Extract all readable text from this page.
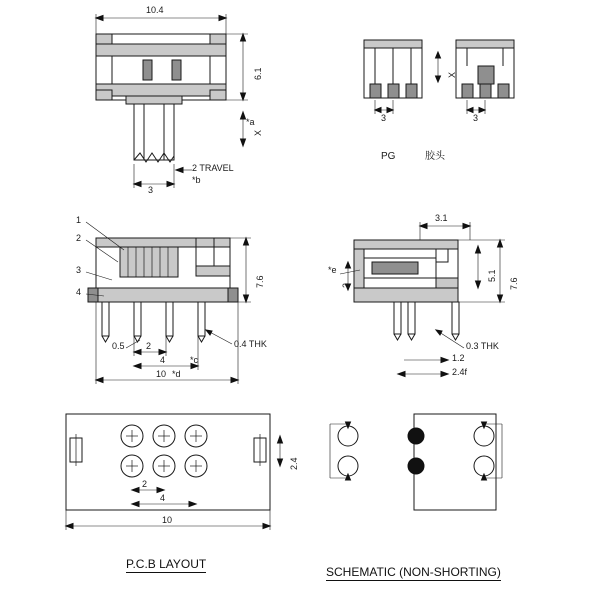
10.4
6.1
X
*a
3
2 TRAVEL
*b
3	3
X
PG	胶头
1
2
3
4
7.6
0.5 2
4
10
*c
*d
0.4 THK
3.1
5.1
7.6
3
*e
0.3 THK
1.2
2.4f
2
4
10
2.4
P.C.B LAYOUT
SCHEMATIC (NON-SHORTING)
